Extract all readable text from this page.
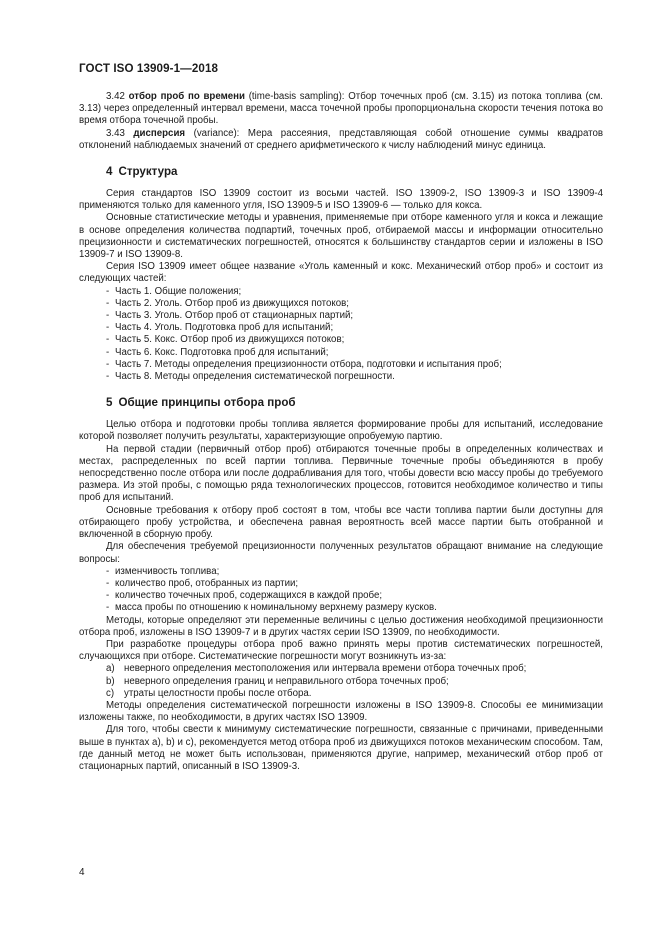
ГОСТ ISO 13909-1—2018

3.42 отбор проб по времени (time-basis sampling): Отбор точечных проб (см. 3.15) из потока топлива (см. 3.13) через определенный интервал времени, масса точечной пробы пропорциональна скорости течения потока во время отбора точечной пробы.

3.43 дисперсия (variance): Мера рассеяния, представляющая собой отношение суммы квадратов отклонений наблюдаемых значений от среднего арифметического к числу наблюдений минус единица.

4 Структура

Серия стандартов ISO 13909 состоит из восьми частей. ISO 13909-2, ISO 13909-3 и ISO 13909-4 применяются только для каменного угля, ISO 13909-5 и ISO 13909-6 — только для кокса.

Основные статистические методы и уравнения, применяемые при отборе каменного угля и кокса и лежащие в основе определения количества подпартий, точечных проб, отбираемой массы и информации относительно прецизионности и систематических погрешностей, относятся к большинству стандартов серии и изложены в ISO 13909-7 и ISO 13909-8.

Серия ISO 13909 имеет общее название «Уголь каменный и кокс. Механический отбор проб» и состоит из следующих частей:

- Часть 1. Общие положения;

- Часть 2. Уголь. Отбор проб из движущихся потоков;

- Часть 3. Уголь. Отбор проб от стационарных партий;

- Часть 4. Уголь. Подготовка проб для испытаний;

- Часть 5. Кокс. Отбор проб из движущихся потоков;

- Часть 6. Кокс. Подготовка проб для испытаний;

- Часть 7. Методы определения прецизионности отбора, подготовки и испытания проб;

- Часть 8. Методы определения систематической погрешности.

5 Общие принципы отбора проб

Целью отбора и подготовки пробы топлива является формирование пробы для испытаний, исследование которой позволяет получить результаты, характеризующие опробуемую партию.

На первой стадии (первичный отбор проб) отбираются точечные пробы в определенных количествах и местах, распределенных по всей партии топлива. Первичные точечные пробы объединяются в пробу непосредственно после отбора или после додрабливания для того, чтобы довести всю массу пробы до требуемого размера. Из этой пробы, с помощью ряда технологических процессов, готовится необходимое количество и типы проб для испытаний.

Основные требования к отбору проб состоят в том, чтобы все части топлива партии были доступны для отбирающего пробу устройства, и обеспечена равная вероятность всей массе партии быть отобранной и включенной в сборную пробу.

Для обеспечения требуемой прецизионности полученных результатов обращают внимание на следующие вопросы:

- изменчивость топлива;

- количество проб, отобранных из партии;

- количество точечных проб, содержащихся в каждой пробе;

- масса пробы по отношению к номинальному верхнему размеру кусков.

Методы, которые определяют эти переменные величины с целью достижения необходимой прецизионности отбора проб, изложены в ISO 13909-7 и в других частях серии ISO 13909, по необходимости.

При разработке процедуры отбора проб важно принять меры против систематических погрешностей, случающихся при отборе. Систематические погрешности могут возникнуть из-за:

a) неверного определения местоположения или интервала времени отбора точечных проб;

b) неверного определения границ и неправильного отбора точечных проб;

c) утраты целостности пробы после отбора.

Методы определения систематической погрешности изложены в ISO 13909-8. Способы ее минимизации изложены также, по необходимости, в других частях ISO 13909.

Для того, чтобы свести к минимуму систематические погрешности, связанные с причинами, приведенными выше в пунктах a), b) и c), рекомендуется метод отбора проб из движущихся потоков механическим способом. Там, где данный метод не может быть использован, применяются другие, например, механический отбор проб от стационарных партий, описанный в ISO 13909-3.

4
